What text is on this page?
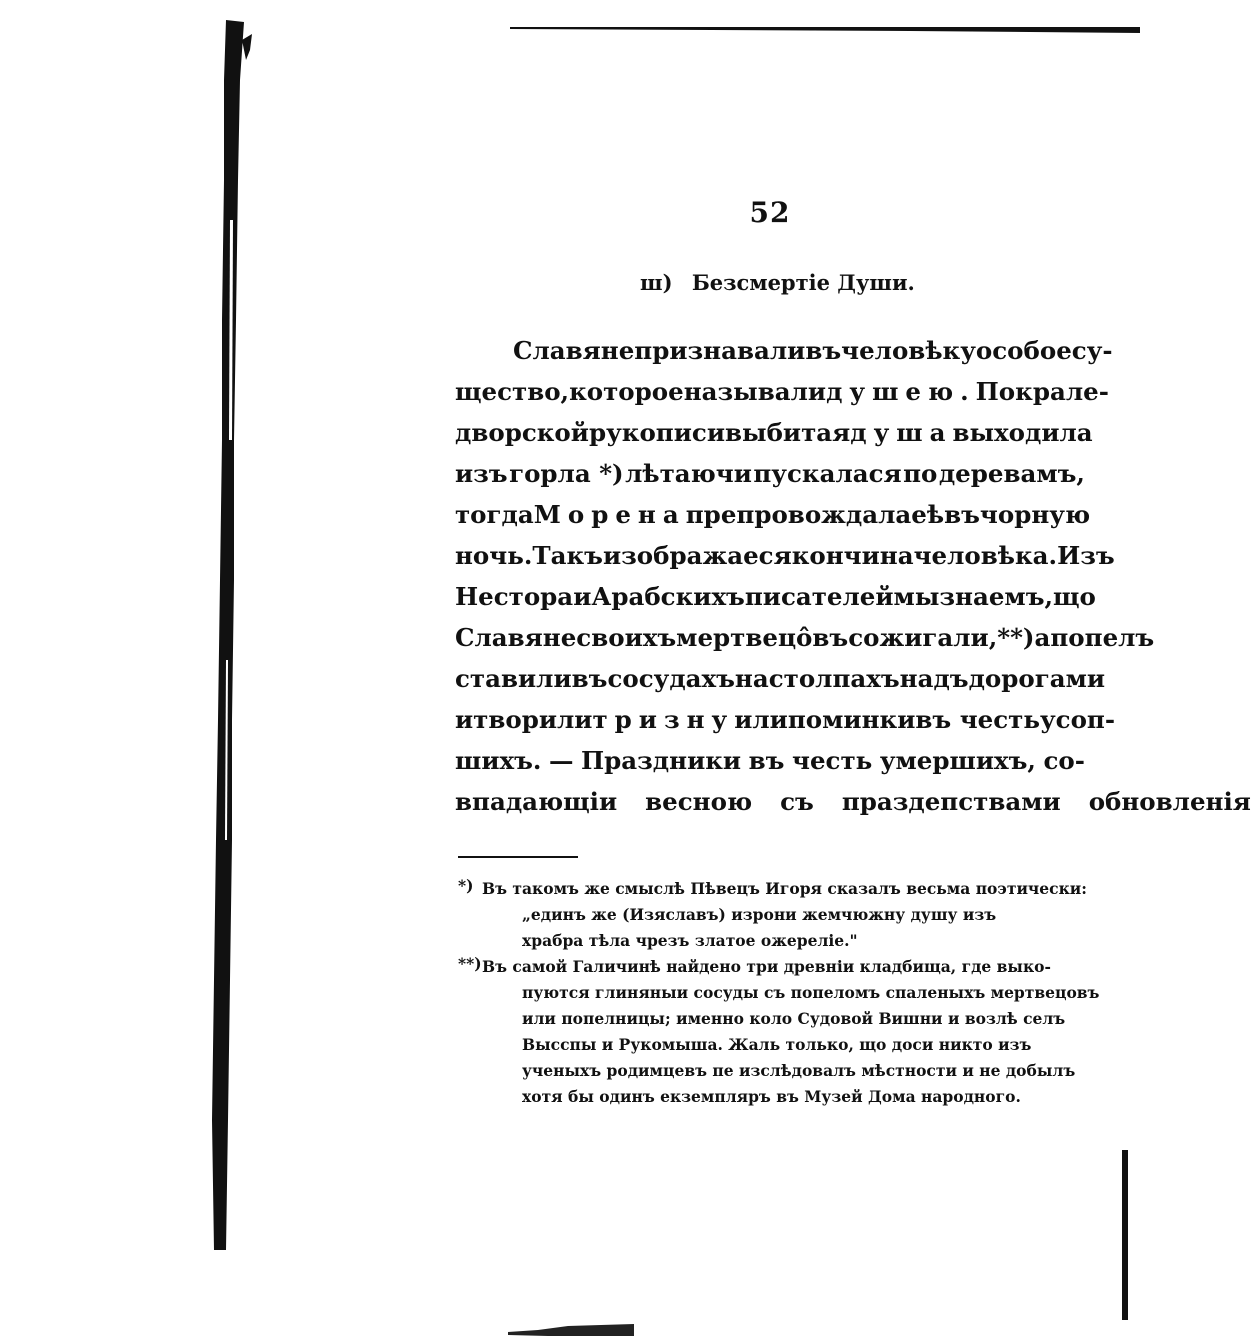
52
ш) Безсмертіе Души.
Славяне признавали въ человѣку особое су-
щество, которое называли душею. По крале-
дворской рукописи выбитая душа выходила
изъ горла *) лѣтаючи пускалася по деревамъ,
тогда Морена препровождала еѣ въ чорную
ночь. Такъ изображаеся кончина человѣка. Изъ
Нестора и Арабскихъ писателей мы знаемъ, що
Славяне своихъ мертвецôвъ сожигали,**) а попелъ
ставили въ сосудахъ на столпахъ надъ дорогами
и творили тризну или поминки въ честь усоп-
шихъ. — Праздники въ честь умершихъ, со-
впадающіи весною съ праздепствами обновленія
*) Въ такомъ же смыслѣ Пѣвецъ Игоря сказалъ весьма поэтически:
„единъ же (Изяславъ) изрони жемчюжну душу изъ
храбра тѣла чрезъ златое ожерелie."
**) Въ самой Галичинѣ найдено три древніи кладбища, где выко-
пуются глиняныи сосуды съ попеломъ спаленыхъ мертвецовъ
или попелницы; именно коло Судовой Вишни и возлѣ селъ
Высспы и Рукомыша. Жаль только, що доси никто изъ
ученыхъ родимцевъ пе изслѣдовалъ мѣстности и не добылъ
хотя бы одинъ екземпляръ въ Музей Дома народного.
